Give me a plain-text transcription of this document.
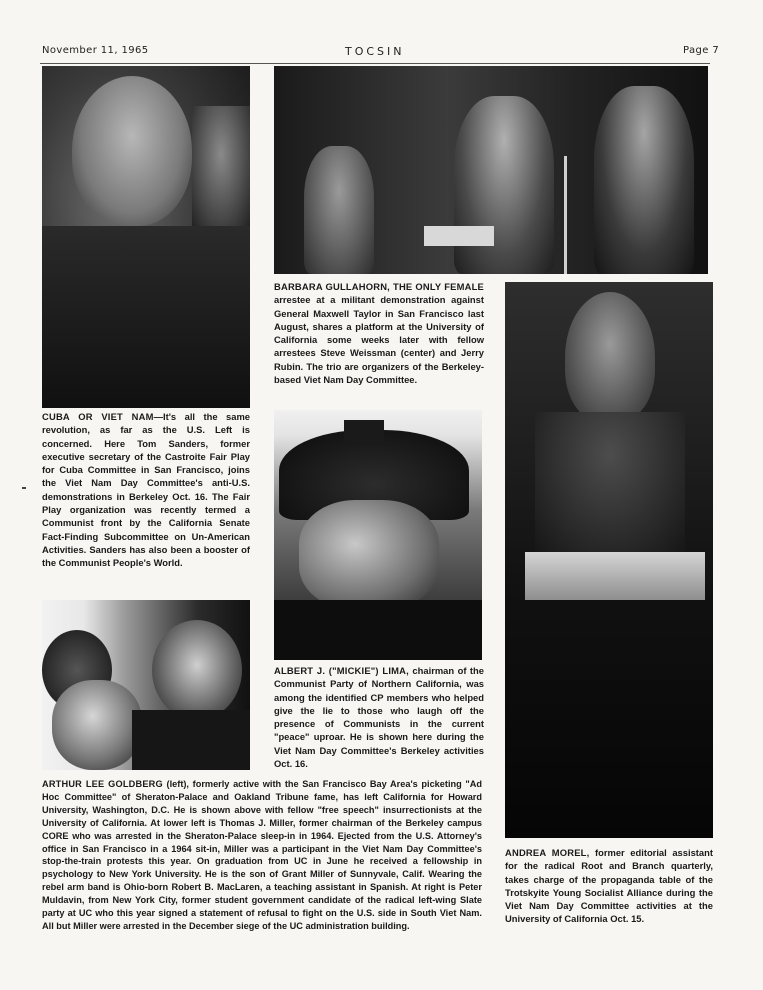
November 11, 1965	TOCSIN	Page 7
BARBARA GULLAHORN, THE ONLY FEMALE arrestee at a militant demonstration against General Maxwell Taylor in San Francisco last August, shares a platform at the University of California some weeks later with fellow arrestees Steve Weissman (center) and Jerry Rubin. The trio are organizers of the Berkeley-based Viet Nam Day Committee.
CUBA OR VIET NAM—It's all the same revolution, as far as the U.S. Left is concerned. Here Tom Sanders, former executive secretary of the Castroite Fair Play for Cuba Committee in San Francisco, joins the Viet Nam Day Committee's anti-U.S. demonstrations in Berkeley Oct. 16. The Fair Play organization was recently termed a Communist front by the California Senate Fact-Finding Subcommittee on Un-American Activities. Sanders has also been a booster of the Communist People's World.
ALBERT J. ("MICKIE") LIMA, chairman of the Communist Party of Northern California, was among the identified CP members who helped give the lie to those who laugh off the presence of Communists in the current "peace" uproar. He is shown here during the Viet Nam Day Committee's Berkeley activities Oct. 16.
ARTHUR LEE GOLDBERG (left), formerly active with the San Francisco Bay Area's picketing "Ad Hoc Committee" of Sheraton-Palace and Oakland Tribune fame, has left California for Howard University, Washington, D.C. He is shown above with fellow "free speech" insurrectionists at the University of California. At lower left is Thomas J. Miller, former chairman of the Berkeley campus CORE who was arrested in the Sheraton-Palace sleep-in in 1964. Ejected from the U.S. Attorney's office in San Francisco in a 1964 sit-in, Miller was a participant in the Viet Nam Day Committee's stop-the-train protests this year. On graduation from UC in June he received a fellowship in psychology to New York University. He is the son of Grant Miller of Sunnyvale, Calif. Wearing the rebel arm band is Ohio-born Robert B. MacLaren, a teaching assistant in Spanish. At right is Peter Muldavin, from New York City, former student government candidate of the radical left-wing Slate party at UC who this year signed a statement of refusal to fight on the U.S. side in South Viet Nam. All but Miller were arrested in the December siege of the UC administration building.
ANDREA MOREL, former editorial assistant for the radical Root and Branch quarterly, takes charge of the propaganda table of the Trotskyite Young Socialist Alliance during the Viet Nam Day Committee activities at the University of California Oct. 15.
